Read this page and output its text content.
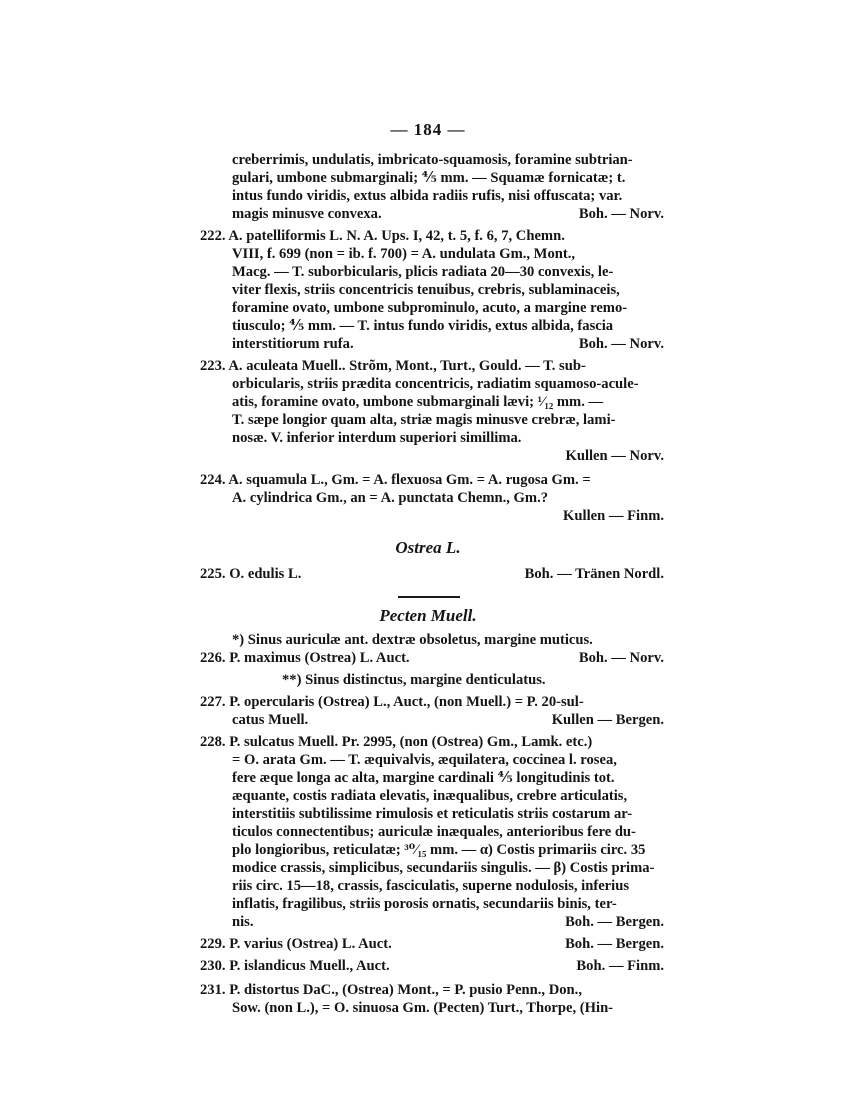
— 184 —
creberrimis, undulatis, imbricato-squamosis, foramine subtrian-
gulari, umbone submarginali; ⅘ mm. — Squamæ fornicatæ; t.
intus fundo viridis, extus albida radiis rufis, nisi offuscata; var.
magis minusve convexa.	Boh. — Norv.
222. A. patelliformis L. N. A. Ups. I, 42, t. 5, f. 6, 7, Chemn.
VIII, f. 699 (non = ib. f. 700) = A. undulata Gm., Mont.,
Macg. — T. suborbicularis, plicis radiata 20—30 convexis, le-
viter flexis, striis concentricis tenuibus, crebris, sublaminaceis,
foramine ovato, umbone subprominulo, acuto, a margine remo-
tiusculo; ⅘ mm. — T. intus fundo viridis, extus albida, fascia
interstitiorum rufa.	Boh. — Norv.
223. A. aculeata Muell.. Strõm, Mont., Turt., Gould. — T. sub-
orbicularis, striis prædita concentricis, radiatim squamoso-acule-
atis, foramine ovato, umbone submarginali lævi; ¹⁄₁₂ mm. —
T. sæpe longior quam alta, striæ magis minusve crebræ, lami-
nosæ. V. inferior interdum superiori simillima.
Kullen — Norv.
224. A. squamula L., Gm. = A. flexuosa Gm. = A. rugosa Gm. =
A. cylindrica Gm., an = A. punctata Chemn., Gm.?
Kullen — Finm.
Ostrea L.
225. O. edulis L.	Boh. — Tränen Nordl.
Pecten Muell.
*) Sinus auriculæ ant. dextræ obsoletus, margine muticus.
226. P. maximus (Ostrea) L. Auct.	Boh. — Norv.
**) Sinus distinctus, margine denticulatus.
227. P. opercularis (Ostrea) L., Auct., (non Muell.) = P. 20-sul-
catus Muell.	Kullen — Bergen.
228. P. sulcatus Muell. Pr. 2995, (non (Ostrea) Gm., Lamk. etc.)
= O. arata Gm. — T. æquivalvis, æquilatera, coccinea l. rosea,
fere æque longa ac alta, margine cardinali ⅘ longitudinis tot.
æquante, costis radiata elevatis, inæqualibus, crebre articulatis,
interstitiis subtilissime rimulosis et reticulatis striis costarum ar-
ticulos connectentibus; auriculæ inæquales, anterioribus fere du-
plo longioribus, reticulatæ; ³⁰⁄₁₅ mm. — α) Costis primariis circ. 35
modice crassis, simplicibus, secundariis singulis. — β) Costis prima-
riis circ. 15—18, crassis, fasciculatis, superne nodulosis, inferius
inflatis, fragilibus, striis porosis ornatis, secundariis binis, ter-
nis.	Boh. — Bergen.
229. P. varius (Ostrea) L. Auct.	Boh. — Bergen.
230. P. islandicus Muell., Auct.	Boh. — Finm.
231. P. distortus DaC., (Ostrea) Mont., = P. pusio Penn., Don.,
Sow. (non L.), = O. sinuosa Gm. (Pecten) Turt., Thorpe, (Hin-
